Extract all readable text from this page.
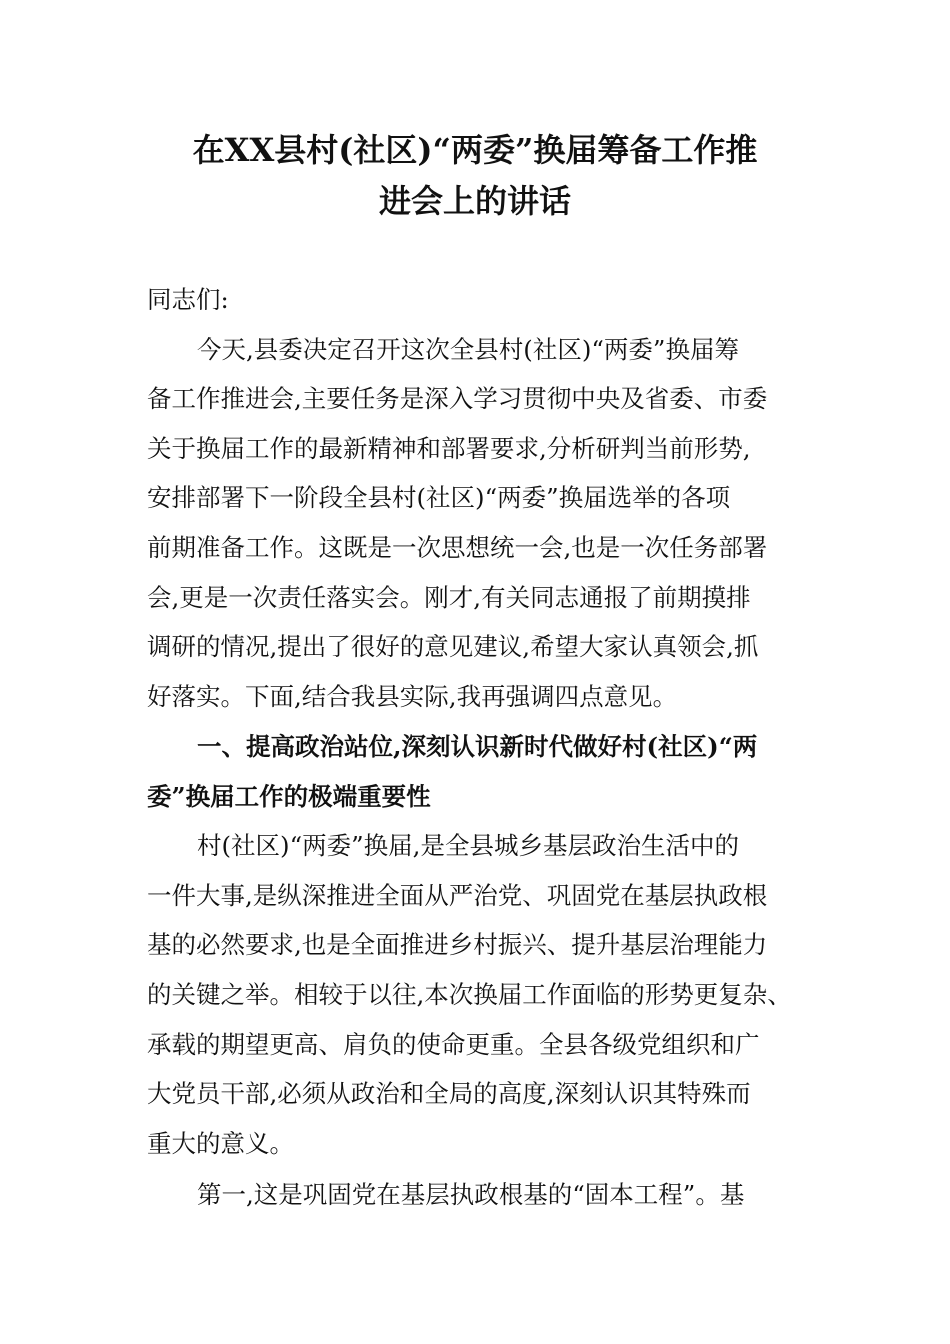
在XX县村(社区)“两委”换届筹备工作推
进会上的讲话
同志们:
今天,县委决定召开这次全县村(社区)“两委”换届筹
备工作推进会,主要任务是深入学习贯彻中央及省委、市委
关于换届工作的最新精神和部署要求,分析研判当前形势,
安排部署下一阶段全县村(社区)“两委”换届选举的各项
前期准备工作。这既是一次思想统一会,也是一次任务部署
会,更是一次责任落实会。刚才,有关同志通报了前期摸排
调研的情况,提出了很好的意见建议,希望大家认真领会,抓
好落实。下面,结合我县实际,我再强调四点意见。
一、提高政治站位,深刻认识新时代做好村(社区)“两
委”换届工作的极端重要性
村(社区)“两委”换届,是全县城乡基层政治生活中的
一件大事,是纵深推进全面从严治党、巩固党在基层执政根
基的必然要求,也是全面推进乡村振兴、提升基层治理能力
的关键之举。相较于以往,本次换届工作面临的形势更复杂、
承载的期望更高、肩负的使命更重。全县各级党组织和广
大党员干部,必须从政治和全局的高度,深刻认识其特殊而
重大的意义。
第一,这是巩固党在基层执政根基的“固本工程”。基
